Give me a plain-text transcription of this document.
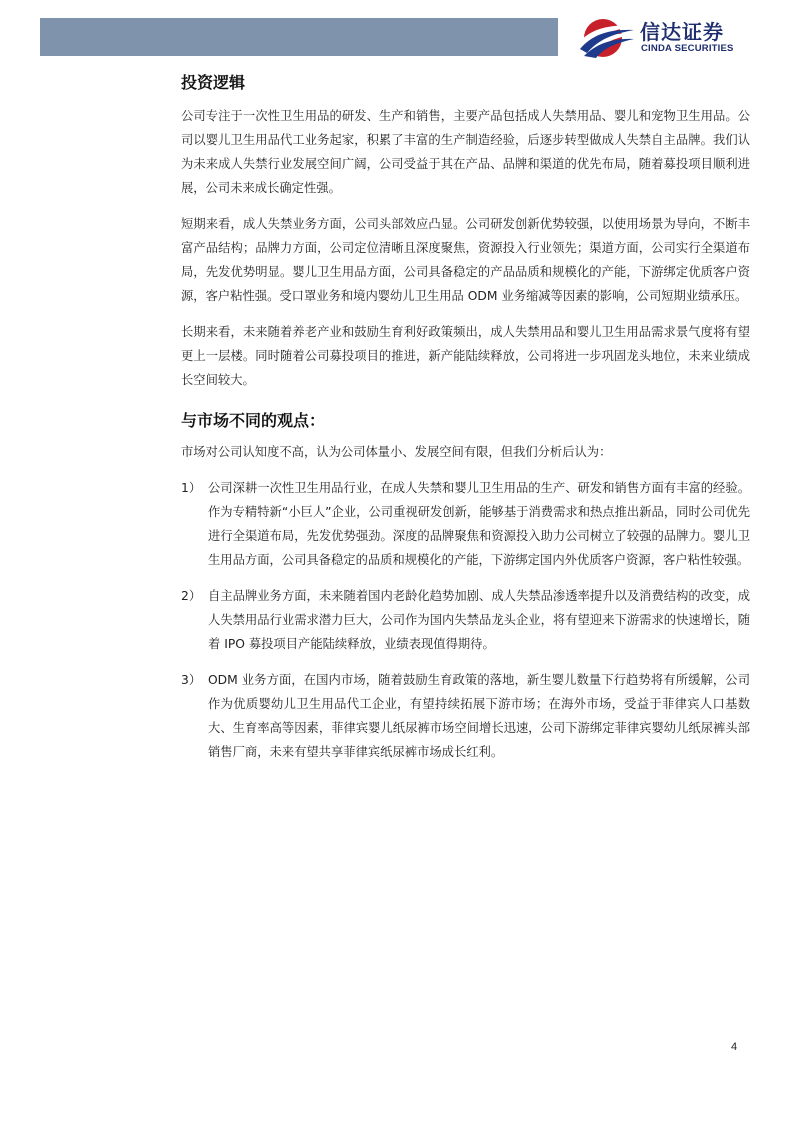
信达证券
CINDA SECURITIES
投资逻辑

公司专注于一次性卫生用品的研发、生产和销售，主要产品包括成人失禁用品、婴儿和宠物卫生用品。公司以婴儿卫生用品代工业务起家，积累了丰富的生产制造经验，后逐步转型做成人失禁自主品牌。我们认为未来成人失禁行业发展空间广阔，公司受益于其在产品、品牌和渠道的优先布局，随着募投项目顺利进展，公司未来成长确定性强。

短期来看，成人失禁业务方面，公司头部效应凸显。公司研发创新优势较强，以使用场景为导向，不断丰富产品结构；品牌力方面，公司定位清晰且深度聚焦，资源投入行业领先；渠道方面，公司实行全渠道布局，先发优势明显。婴儿卫生用品方面，公司具备稳定的产品品质和规模化的产能，下游绑定优质客户资源，客户粘性强。受口罩业务和境内婴幼儿卫生用品 ODM 业务缩减等因素的影响，公司短期业绩承压。

长期来看，未来随着养老产业和鼓励生育利好政策频出，成人失禁用品和婴儿卫生用品需求景气度将有望更上一层楼。同时随着公司募投项目的推进，新产能陆续释放，公司将进一步巩固龙头地位，未来业绩成长空间较大。

与市场不同的观点：

市场对公司认知度不高，认为公司体量小、发展空间有限，但我们分析后认为：

1） 公司深耕一次性卫生用品行业，在成人失禁和婴儿卫生用品的生产、研发和销售方面有丰富的经验。作为专精特新“小巨人”企业，公司重视研发创新，能够基于消费需求和热点推出新品，同时公司优先进行全渠道布局，先发优势强劲。深度的品牌聚焦和资源投入助力公司树立了较强的品牌力。婴儿卫生用品方面，公司具备稳定的品质和规模化的产能，下游绑定国内外优质客户资源，客户粘性较强。

2） 自主品牌业务方面，未来随着国内老龄化趋势加剧、成人失禁品渗透率提升以及消费结构的改变，成人失禁用品行业需求潜力巨大，公司作为国内失禁品龙头企业，将有望迎来下游需求的快速增长，随着 IPO 募投项目产能陆续释放，业绩表现值得期待。

3） ODM 业务方面，在国内市场，随着鼓励生育政策的落地，新生婴儿数量下行趋势将有所缓解，公司作为优质婴幼儿卫生用品代工企业，有望持续拓展下游市场；在海外市场，受益于菲律宾人口基数大、生育率高等因素，菲律宾婴儿纸尿裤市场空间增长迅速，公司下游绑定菲律宾婴幼儿纸尿裤头部销售厂商，未来有望共享菲律宾纸尿裤市场成长红利。

4
